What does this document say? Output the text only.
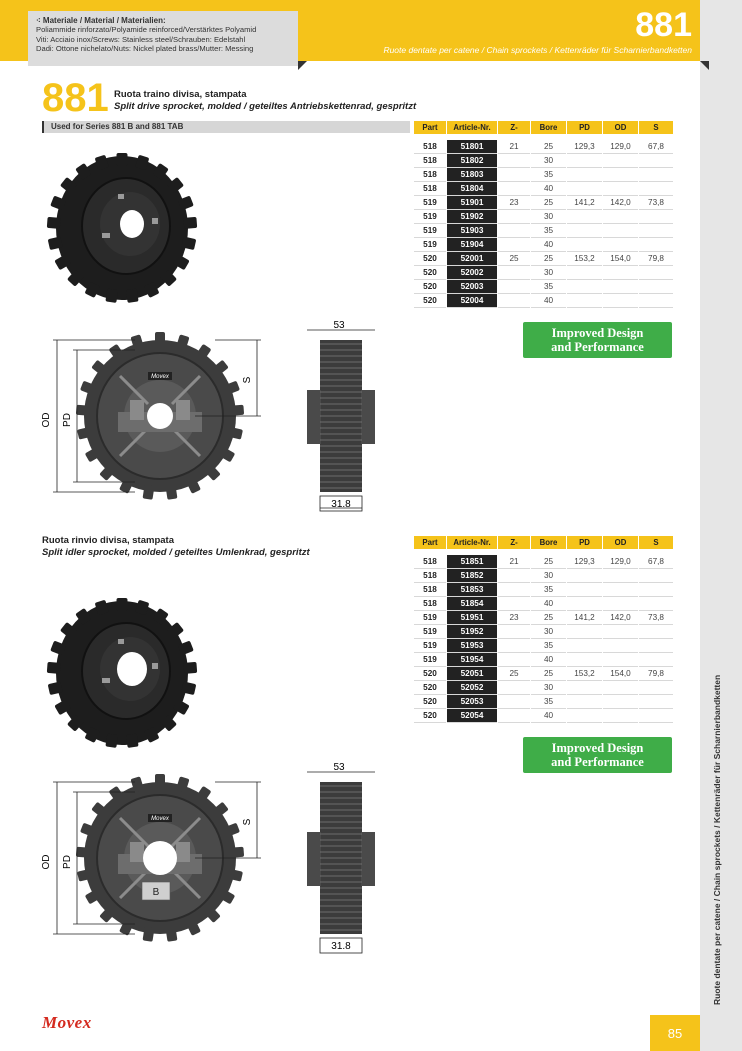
⁖ Materiale / Material / Materialien:
Poliammide rinforzato/Polyamide reinforced/Verstärktes Polyamid
Viti: Acciaio inox/Screws: Stainless steel/Schrauben: Edelstahl
Dadi: Ottone nichelato/Nuts: Nickel plated brass/Mutter: Messing
881
Ruote dentate per catene / Chain sprockets / Kettenräder für Scharnierbandketten
Ruote dentate per catene / Chain sprockets / Kettenräder für Scharnierbandketten
881 Ruota traino divisa, stampata
Split drive sprocket, molded / geteiltes Antriebskettenrad, gespritzt
Used for Series 881 B and 881 TAB	Part	Article-Nr.	Z-	Bore	PD	OD	S

518	51801	21	25	129,3	129,0	67,8
518	51802		30			
518	51803		35			
518	51804		40			
519	51901	23	25	141,2	142,0	73,8
519	51902		30			
519	51903		35			
519	51904		40			
520	52001	25	25	153,2	154,0	79,8
520	52002		30			
520	52003		35			
520	52004		40			
Improved Design
and Performance
Movex
OD PD
S
53
31.8
Ruota rinvio divisa, stampata
Split idler sprocket, molded / geteiltes Umlenkrad, gespritzt
Part	Article-Nr.	Z-	Bore	PD	OD	S

518	51851	21	25	129,3	129,0	67,8
518	51852		30			
518	51853		35			
518	51854		40			
519	51951	23	25	141,2	142,0	73,8
519	51952		30			
519	51953		35			
519	51954		40			
520	52051	25	25	153,2	154,0	79,8
520	52052		30			
520	52053		35			
520	52054		40			
Improved Design
and Performance
B
Movex
OD PD
S
53
31.8
Movex
85
